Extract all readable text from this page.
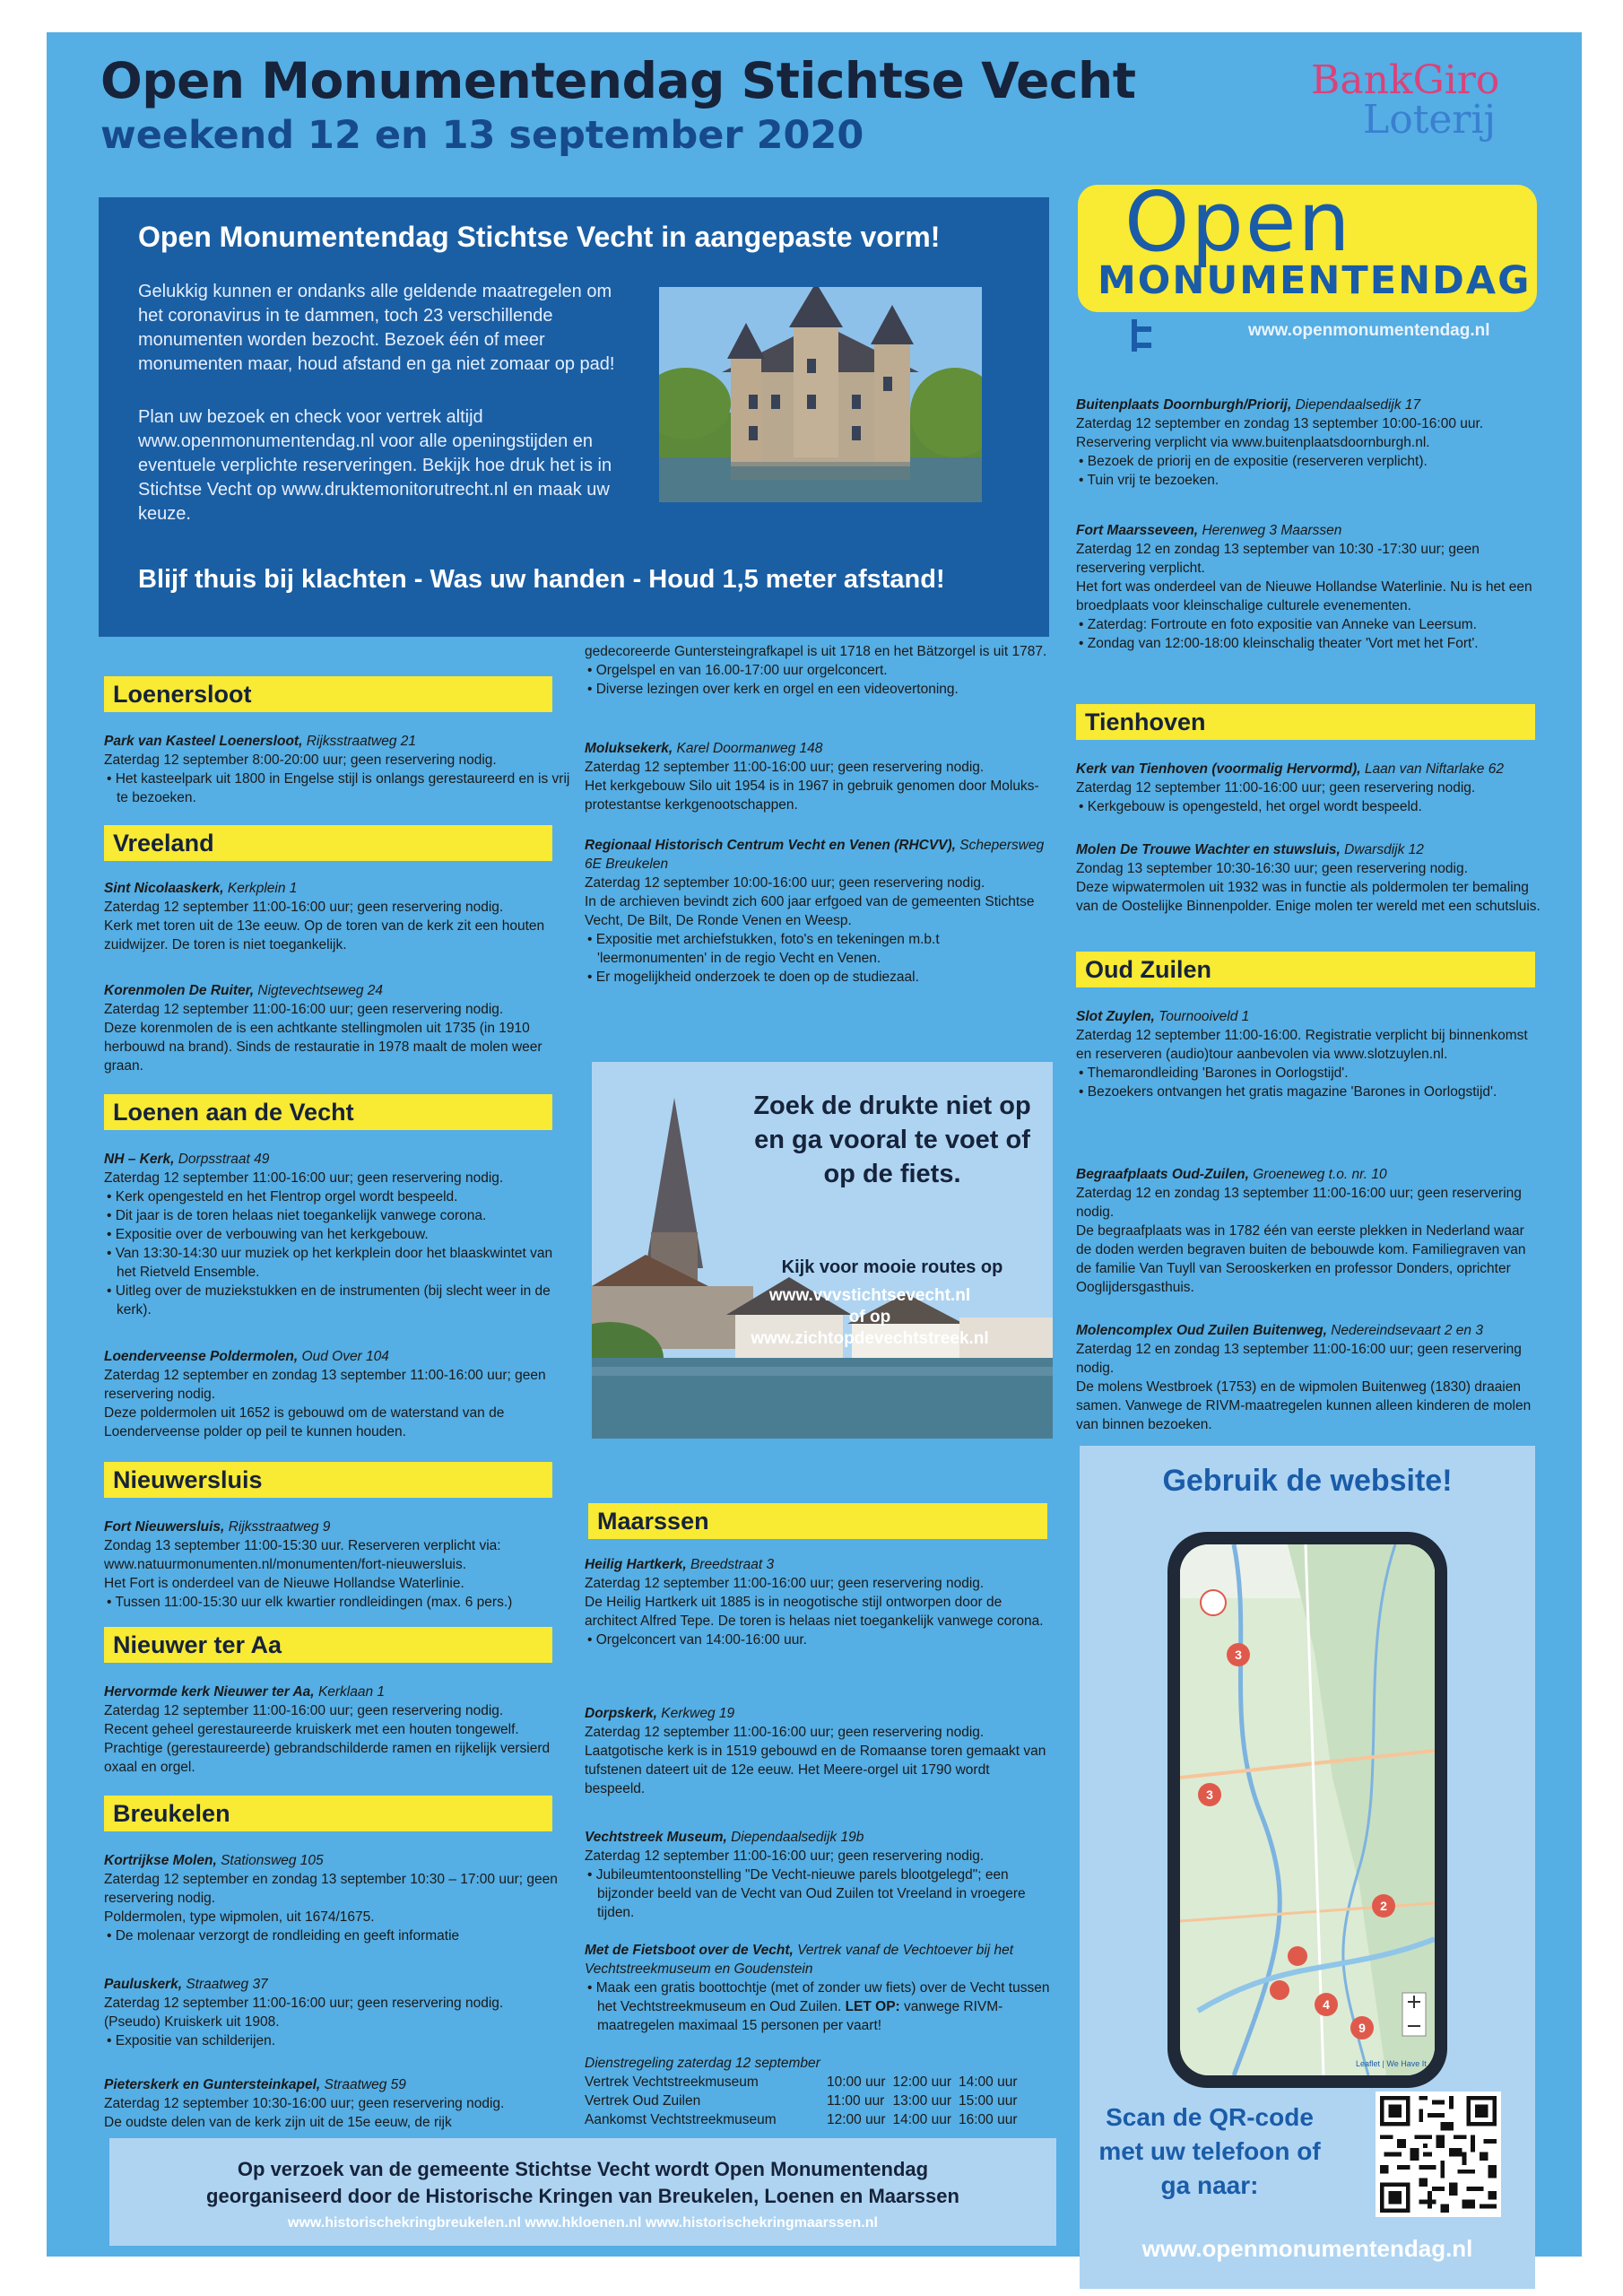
Open Monumentendag Stichtse Vecht
weekend 12 en 13 september 2020
BankGiro
Loterij
Open
MONUMENTENDAG
www.openmonumentendag.nl
Open Monumentendag Stichtse Vecht in aangepaste vorm!
Gelukkig kunnen er ondanks alle geldende maatregelen om het coronavirus in te dammen, toch 23 verschillende monumenten worden bezocht. Bezoek één of meer monumenten maar, houd afstand en ga niet zomaar op pad!
Plan uw bezoek en check voor vertrek altijd www.openmonumentendag.nl voor alle openingstijden en eventuele verplichte reserveringen. Bekijk hoe druk het is in Stichtse Vecht op www.druktemonitorutrecht.nl en maak uw keuze.
Blijf thuis bij klachten - Was uw handen - Houd 1,5 meter afstand!
Loenersloot

Park van Kasteel Loenersloot, Rijksstraatweg 21

Zaterdag 12 september 8:00-20:00 uur; geen reservering nodig.

• Het kasteelpark uit 1800 in Engelse stijl is onlangs gerestaureerd en is vrij te bezoeken.

Vreeland

Sint Nicolaaskerk, Kerkplein 1

Zaterdag 12 september 11:00-16:00 uur; geen reservering nodig.

Kerk met toren uit de 13e eeuw. Op de toren van de kerk zit een houten zuidwijzer. De toren is niet toegankelijk.

Korenmolen De Ruiter, Nigtevechtseweg 24

Zaterdag 12 september 11:00-16:00 uur; geen reservering nodig.

Deze korenmolen de is een achtkante stellingmolen uit 1735 (in 1910 herbouwd na brand). Sinds de restauratie in 1978 maalt de molen weer graan.

Loenen aan de Vecht

NH – Kerk, Dorpsstraat 49

Zaterdag 12 september 11:00-16:00 uur; geen reservering nodig.

• Kerk opengesteld en het Flentrop orgel wordt bespeeld.

• Dit jaar is de toren helaas niet toegankelijk vanwege corona.

• Expositie over de verbouwing van het kerkgebouw.

• Van 13:30-14:30 uur muziek op het kerkplein door het blaaskwintet van het Rietveld Ensemble.

• Uitleg over de muziekstukken en de instrumenten (bij slecht weer in de kerk).

Loenderveense Poldermolen, Oud Over 104

Zaterdag 12 september en zondag 13 september 11:00-16:00 uur; geen reservering nodig.

Deze poldermolen uit 1652 is gebouwd om de waterstand van de Loenderveense polder op peil te kunnen houden.

Nieuwersluis

Fort Nieuwersluis, Rijksstraatweg 9

Zondag 13 september 11:00-15:30 uur. Reserveren verplicht via: www.natuurmonumenten.nl/monumenten/fort-nieuwersluis.

Het Fort is onderdeel van de Nieuwe Hollandse Waterlinie.

• Tussen 11:00-15:30 uur elk kwartier rondleidingen (max. 6 pers.)

Nieuwer ter Aa

Hervormde kerk Nieuwer ter Aa, Kerklaan 1

Zaterdag 12 september 11:00-16:00 uur; geen reservering nodig.

Recent geheel gerestaureerde kruiskerk met een houten tongewelf. Prachtige (gerestaureerde) gebrandschilderde ramen en rijkelijk versierd oxaal en orgel.

Breukelen

Kortrijkse Molen, Stationsweg 105

Zaterdag 12 september en zondag 13 september 10:30 – 17:00 uur; geen reservering nodig.

Poldermolen, type wipmolen, uit 1674/1675.

• De molenaar verzorgt de rondleiding en geeft informatie

Pauluskerk, Straatweg 37

Zaterdag 12 september 11:00-16:00 uur; geen reservering nodig.

(Pseudo) Kruiskerk uit 1908.

• Expositie van schilderijen.

Pieterskerk en Guntersteinkapel, Straatweg 59

Zaterdag 12 september 10:30-16:00 uur; geen reservering nodig.

De oudste delen van de kerk zijn uit de 15e eeuw, de rijk

gedecoreerde Guntersteingrafkapel is uit 1718 en het Bätzorgel is uit 1787.

• Orgelspel en van 16.00-17:00 uur orgelconcert.

• Diverse lezingen over kerk en orgel en een videovertoning.

Moluksekerk, Karel Doormanweg 148

Zaterdag 12 september 11:00-16:00 uur; geen reservering nodig.

Het kerkgebouw Silo uit 1954 is in 1967 in gebruik genomen door Moluks-protestantse kerkgenootschappen.

Regionaal Historisch Centrum Vecht en Venen (RHCVV), Schepersweg 6E Breukelen

Zaterdag 12 september 10:00-16:00 uur; geen reservering nodig.

In de archieven bevindt zich 600 jaar erfgoed van de gemeenten Stichtse Vecht, De Bilt, De Ronde Venen en Weesp.

• Expositie met archiefstukken, foto's en tekeningen m.b.t 'leermonumenten' in de regio Vecht en Venen.

• Er mogelijkheid onderzoek te doen op de studiezaal.

Maarssen

Heilig Hartkerk, Breedstraat 3

Zaterdag 12 september 11:00-16:00 uur; geen reservering nodig.

De Heilig Hartkerk uit 1885 is in neogotische stijl ontworpen door de architect Alfred Tepe. De toren is helaas niet toegankelijk vanwege corona.

• Orgelconcert van 14:00-16:00 uur.

Dorpskerk, Kerkweg 19

Zaterdag 12 september 11:00-16:00 uur; geen reservering nodig.

Laatgotische kerk is in 1519 gebouwd en de Romaanse toren gemaakt van tufstenen dateert uit de 12e eeuw. Het Meere-orgel uit 1790 wordt bespeeld.

Vechtstreek Museum, Diependaalsedijk 19b

Zaterdag 12 september 11:00-16:00 uur; geen reservering nodig.

• Jubileumtentoonstelling "De Vecht-nieuwe parels blootgelegd"; een bijzonder beeld van de Vecht van Oud Zuilen tot Vreeland in vroegere tijden.

Met de Fietsboot over de Vecht, Vertrek vanaf de Vechtoever bij het Vechtstreekmuseum en Goudenstein

• Maak een gratis boottochtje (met of zonder uw fiets) over de Vecht tussen het Vechtstreekmuseum en Oud Zuilen. LET OP: vanwege RIVM-maatregelen maximaal 15 personen per vaart!

Dienstregeling zaterdag 12 september

Vertrek Vechtstreekmuseum	10:00 uur	12:00 uur	14:00 uur
Vertrek Oud Zuilen	11:00 uur	13:00 uur	15:00 uur
Aankomst Vechtstreekmuseum	12:00 uur	14:00 uur	16:00 uur
Zoek de drukte niet op en ga vooral te voet of op de fiets.
Kijk voor mooie routes op
www.vvvstichtsevecht.nl
of op
www.zichtopdevechtstreek.nl

Buitenplaats Doornburgh/Priorij, Diependaalsedijk 17

Zaterdag 12 september en zondag 13 september 10:00-16:00 uur. Reservering verplicht via www.buitenplaatsdoornburgh.nl.

• Bezoek de priorij en de expositie (reserveren verplicht).

• Tuin vrij te bezoeken.

Fort Maarsseveen, Herenweg 3 Maarssen

Zaterdag 12 en zondag 13 september van 10:30 -17:30 uur; geen reservering verplicht.

Het fort was onderdeel van de Nieuwe Hollandse Waterlinie. Nu is het een broedplaats voor kleinschalige culturele evenementen.

• Zaterdag: Fortroute en foto expositie van Anneke van Leersum.

• Zondag van 12:00-18:00 kleinschalig theater 'Vort met het Fort'.

Tienhoven

Kerk van Tienhoven (voormalig Hervormd), Laan van Niftarlake 62

Zaterdag 12 september 11:00-16:00 uur; geen reservering nodig.

• Kerkgebouw is opengesteld, het orgel wordt bespeeld.

Molen De Trouwe Wachter en stuwsluis, Dwarsdijk 12

Zondag 13 september 10:30-16:30 uur; geen reservering nodig.

Deze wipwatermolen uit 1932 was in functie als poldermolen ter bemaling van de Oostelijke Binnenpolder. Enige molen ter wereld met een schutsluis.

Oud Zuilen

Slot Zuylen, Tournooiveld 1

Zaterdag 12 september 11:00-16:00. Registratie verplicht bij binnenkomst en reserveren (audio)tour aanbevolen via www.slotzuylen.nl.

• Themarondleiding 'Barones in Oorlogstijd'.

• Bezoekers ontvangen het gratis magazine 'Barones in Oorlogstijd'.

Begraafplaats Oud-Zuilen, Groeneweg t.o. nr. 10

Zaterdag 12 en zondag 13 september 11:00-16:00 uur; geen reservering nodig.

De begraafplaats was in 1782 één van eerste plekken in Nederland waar de doden werden begraven buiten de bebouwde kom. Familiegraven van de familie Van Tuyll van Serooskerken en professor Donders, oprichter Ooglijdersgasthuis.

Molencomplex Oud Zuilen Buitenweg, Nedereindsevaart 2 en 3

Zaterdag 12 en zondag 13 september 11:00-16:00 uur; geen reservering nodig.

De molens Westbroek (1753) en de wipmolen Buitenweg (1830) draaien samen. Vanwege de RIVM-maatregelen kunnen alleen kinderen de molen van binnen bezoeken.

Gebruik de website!
3
3
2
4
9
Leaflet | We Have It
Scan de QR-code met uw telefoon of ga naar:
www.openmonumentendag.nl
Op verzoek van de gemeente Stichtse Vecht wordt Open Monumentendag
georganiseerd door de Historische Kringen van Breukelen, Loenen en Maarssen
www.historischekringbreukelen.nl www.hkloenen.nl www.historischekringmaarssen.nl
